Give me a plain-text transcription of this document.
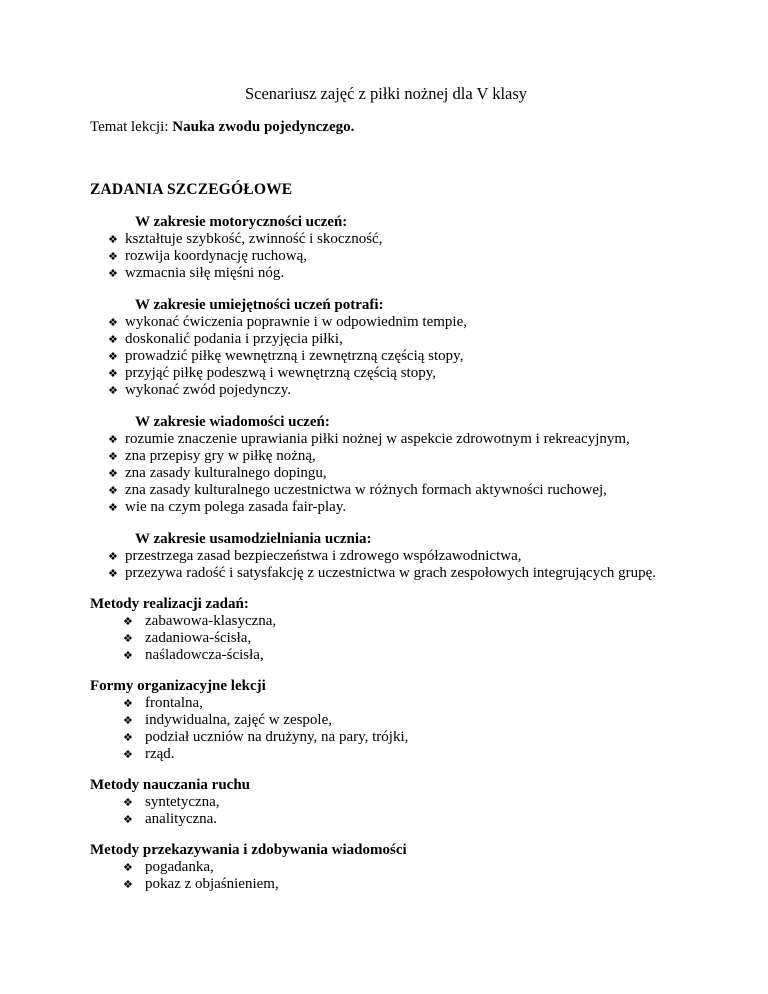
Scenariusz zajęć z piłki nożnej dla V klasy

Temat lekcji: Nauka zwodu pojedynczego.

ZADANIA SZCZEGÓŁOWE
W zakresie motoryczności uczeń:
❖ kształtuje szybkość, zwinność i skoczność,
❖ rozwija koordynację ruchową,
❖ wzmacnia siłę mięśni nóg.
W zakresie umiejętności uczeń potrafi:
❖ wykonać ćwiczenia poprawnie i w odpowiednim tempie,
❖ doskonalić podania i przyjęcia piłki,
❖ prowadzić piłkę wewnętrzną i zewnętrzną częścią stopy,
❖ przyjąć piłkę podeszwą i wewnętrzną częścią stopy,
❖ wykonać zwód pojedynczy.
W zakresie wiadomości uczeń:
❖ rozumie znaczenie uprawiania piłki nożnej w aspekcie zdrowotnym i rekreacyjnym,
❖ zna przepisy gry w piłkę nożną,
❖ zna zasady kulturalnego dopingu,
❖ zna zasady kulturalnego uczestnictwa w różnych formach aktywności ruchowej,
❖ wie na czym polega zasada fair-play.
W zakresie usamodzielniania ucznia:
❖ przestrzega zasad bezpieczeństwa i zdrowego współzawodnictwa,
❖ przezywa radość i satysfakcję z uczestnictwa w grach zespołowych integrujących grupę.
Metody realizacji zadań:
❖ zabawowa-klasyczna,
❖ zadaniowa-ścisła,
❖ naśladowcza-ścisła,
Formy organizacyjne lekcji
❖ frontalna,
❖ indywidualna, zajęć w zespole,
❖ podział uczniów na drużyny, na pary, trójki,
❖ rząd.
Metody nauczania ruchu
❖ syntetyczna,
❖ analityczna.
Metody przekazywania i zdobywania wiadomości
❖ pogadanka,
❖ pokaz z objaśnieniem,
